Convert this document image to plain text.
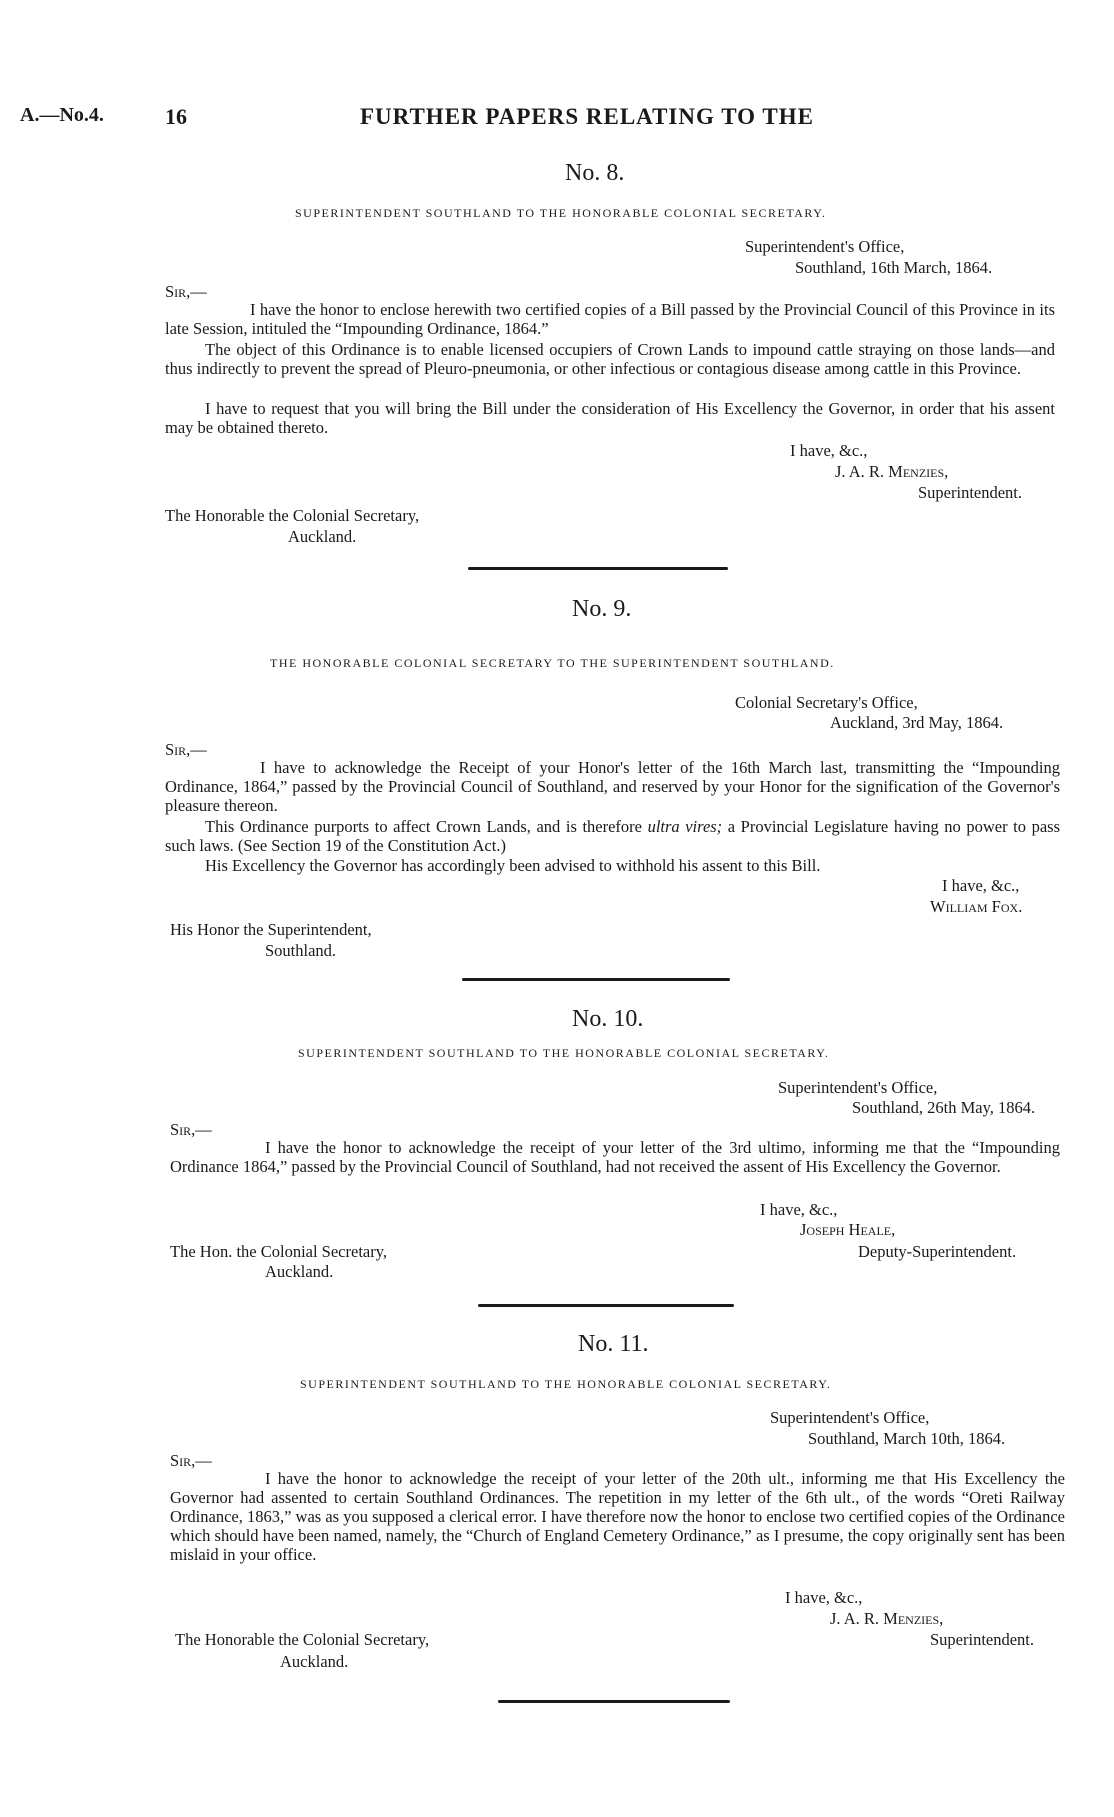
A.—No.4.	16	FURTHER PAPERS RELATING TO THE
No. 8.
SUPERINTENDENT SOUTHLAND TO THE HONORABLE COLONIAL SECRETARY.
Superintendent's Office,
Southland, 16th March, 1864.
Sir,—
I have the honor to enclose herewith two certified copies of a Bill passed by the Provincial Council of this Province in its late Session, intituled the “Impounding Ordinance, 1864.”
The object of this Ordinance is to enable licensed occupiers of Crown Lands to impound cattle straying on those lands—and thus indirectly to prevent the spread of Pleuro-pneumonia, or other infectious or contagious disease among cattle in this Province.
I have to request that you will bring the Bill under the consideration of His Excellency the Governor, in order that his assent may be obtained thereto.
I have, &c.,
J. A. R. Menzies,
Superintendent.
The Honorable the Colonial Secretary,
Auckland.
No. 9.
THE HONORABLE COLONIAL SECRETARY TO THE SUPERINTENDENT SOUTHLAND.
Colonial Secretary's Office,
Auckland, 3rd May, 1864.
Sir,—
I have to acknowledge the Receipt of your Honor's letter of the 16th March last, transmitting the “Impounding Ordinance, 1864,” passed by the Provincial Council of Southland, and reserved by your Honor for the signification of the Governor's pleasure thereon.
This Ordinance purports to affect Crown Lands, and is therefore ultra vires; a Provincial Legislature having no power to pass such laws. (See Section 19 of the Constitution Act.)
His Excellency the Governor has accordingly been advised to withhold his assent to this Bill.
I have, &c.,
William Fox.
His Honor the Superintendent,
Southland.
No. 10.
SUPERINTENDENT SOUTHLAND TO THE HONORABLE COLONIAL SECRETARY.
Superintendent's Office,
Southland, 26th May, 1864.
Sir,—
I have the honor to acknowledge the receipt of your letter of the 3rd ultimo, informing me that the “Impounding Ordinance 1864,” passed by the Provincial Council of Southland, had not received the assent of His Excellency the Governor.
I have, &c.,
Joseph Heale,
Deputy-Superintendent.
The Hon. the Colonial Secretary,
Auckland.
No. 11.
SUPERINTENDENT SOUTHLAND TO THE HONORABLE COLONIAL SECRETARY.
Superintendent's Office,
Southland, March 10th, 1864.
Sir,—
I have the honor to acknowledge the receipt of your letter of the 20th ult., informing me that His Excellency the Governor had assented to certain Southland Ordinances. The repetition in my letter of the 6th ult., of the words “Oreti Railway Ordinance, 1863,” was as you supposed a clerical error. I have therefore now the honor to enclose two certified copies of the Ordinance which should have been named, namely, the “Church of England Cemetery Ordinance,” as I presume, the copy originally sent has been mislaid in your office.
I have, &c.,
J. A. R. Menzies,
Superintendent.
The Honorable the Colonial Secretary,
Auckland.
